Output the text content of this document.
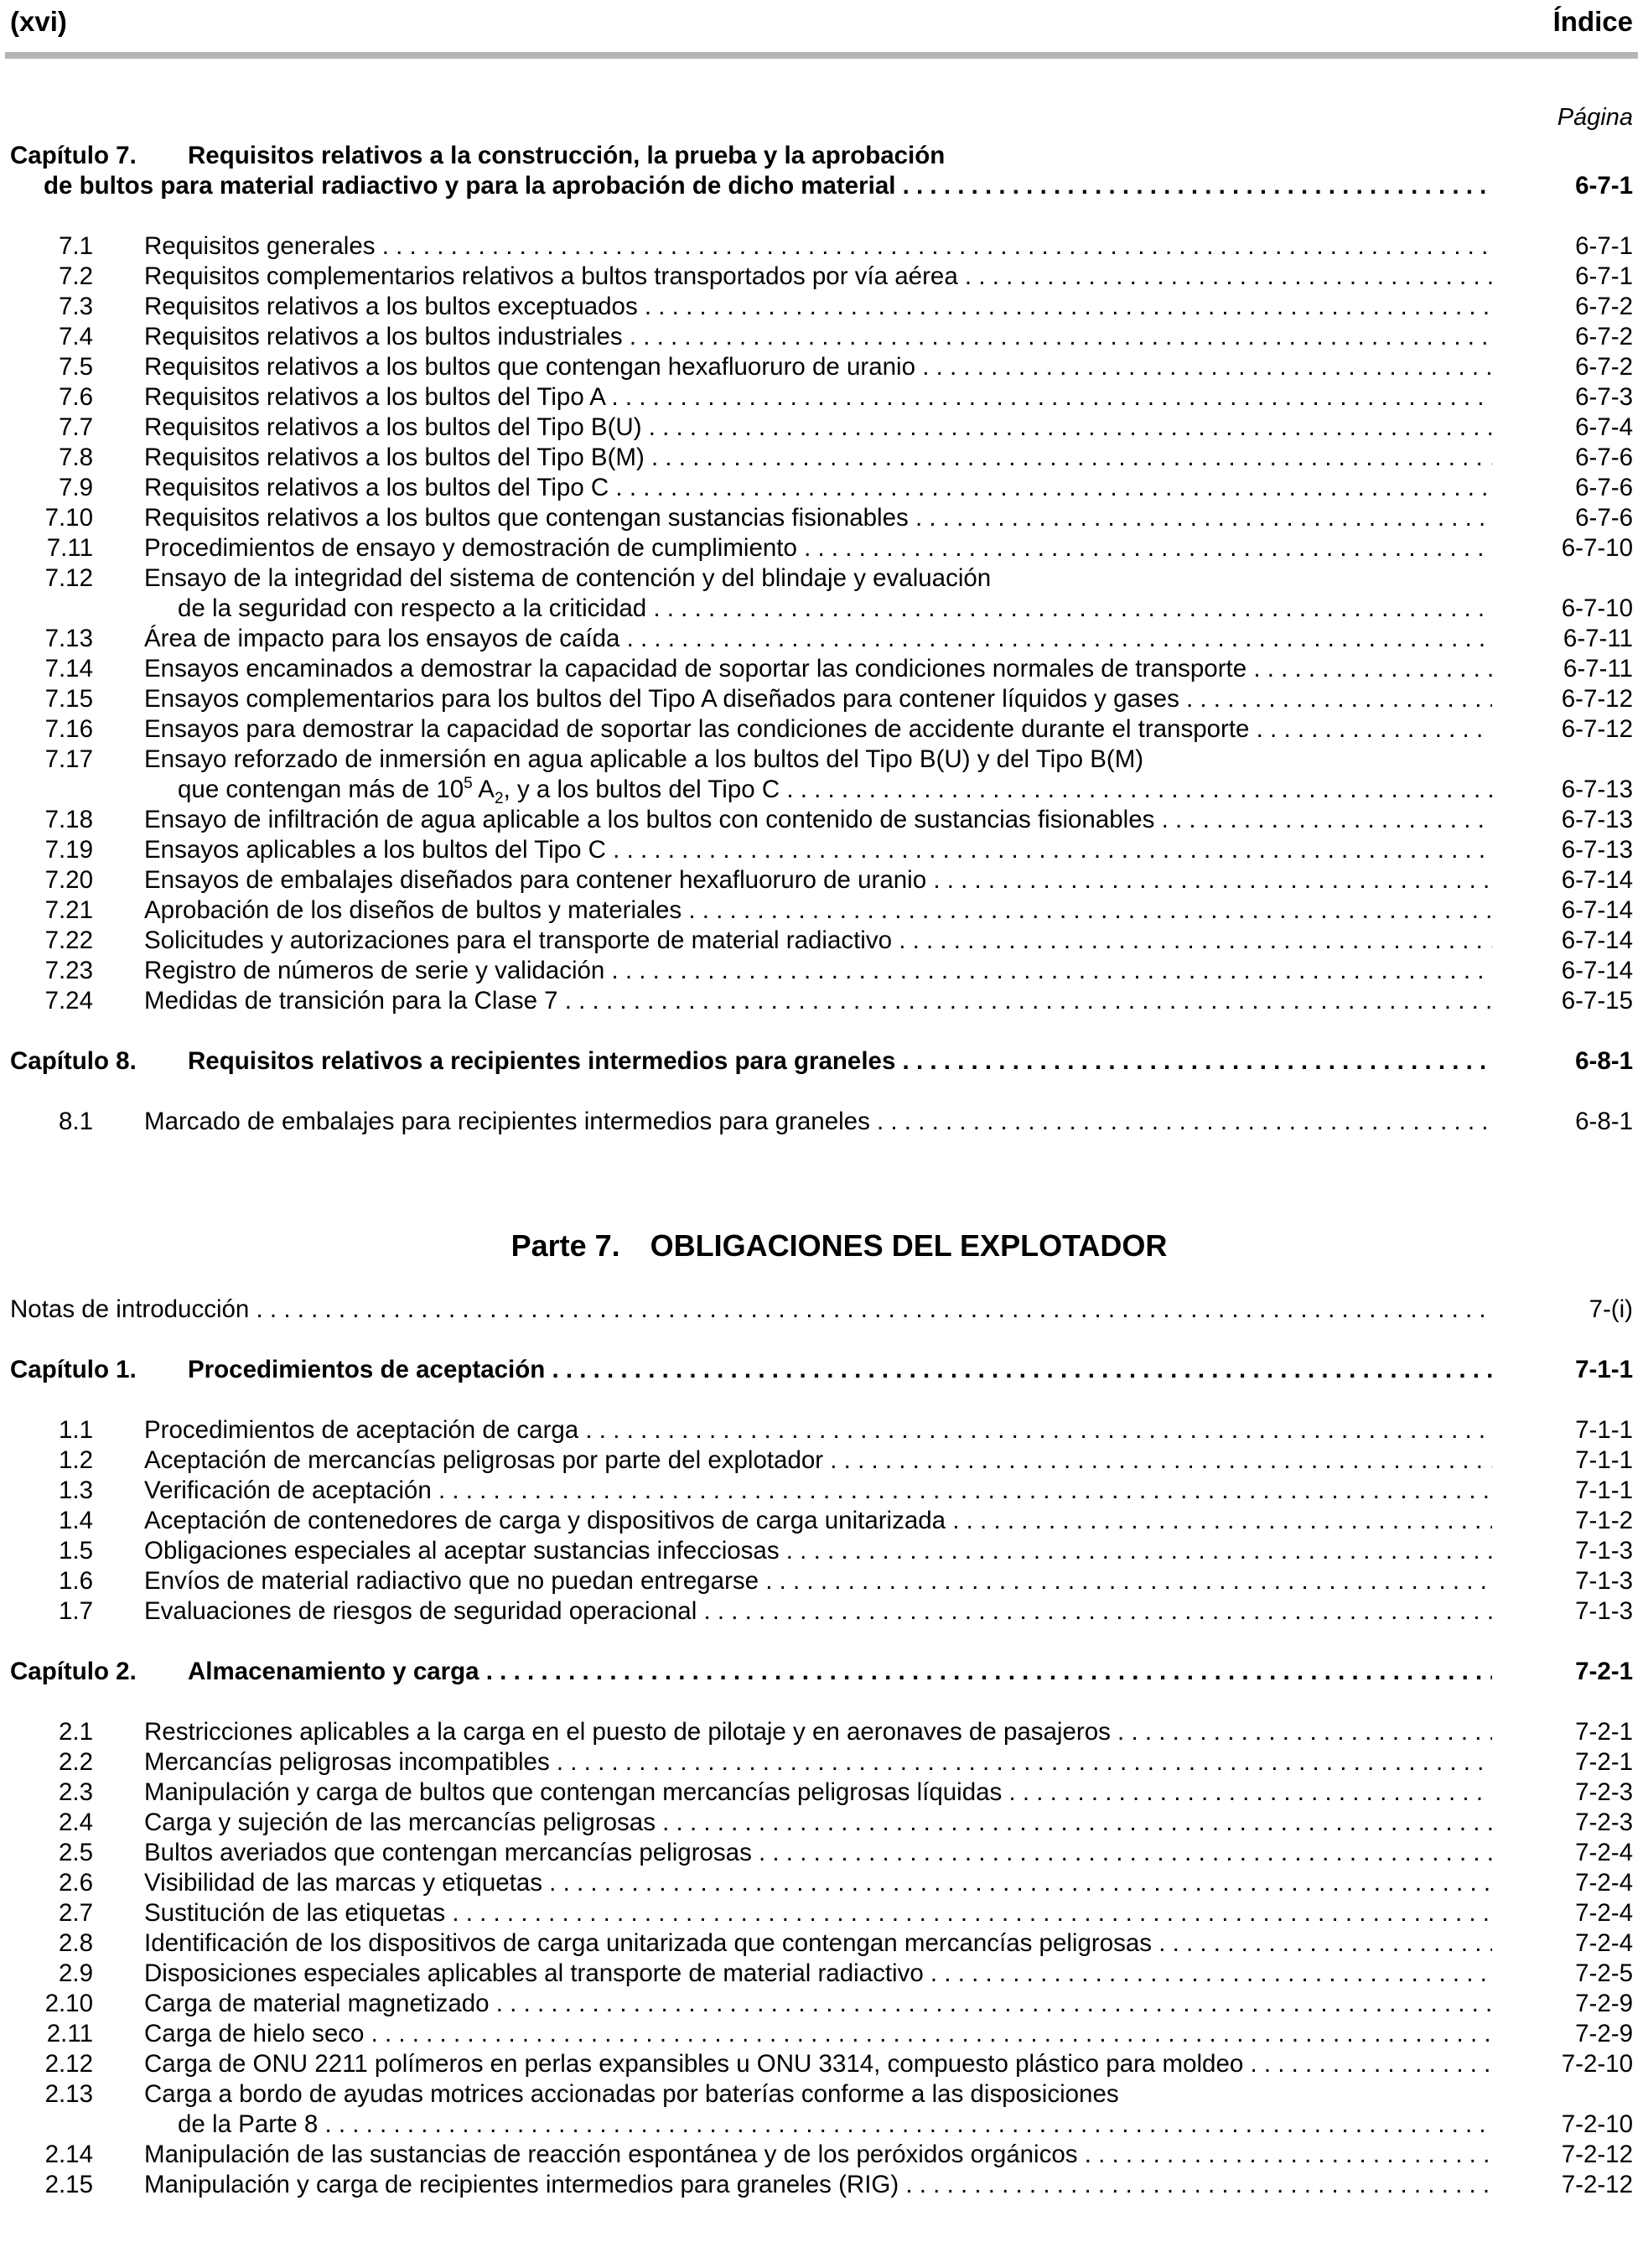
(xvi)	Índice
Página
Capítulo 7. Requisitos relativos a la construcción, la prueba y la aprobación
de bultos para material radiactivo y para la aprobación de dicho material . . .	6-7-1
7.1 Requisitos generales . . .	6-7-1
7.2 Requisitos complementarios relativos a bultos transportados por vía aérea . . .	6-7-1
7.3 Requisitos relativos a los bultos exceptuados . . .	6-7-2
7.4 Requisitos relativos a los bultos industriales . . .	6-7-2
7.5 Requisitos relativos a los bultos que contengan hexafluoruro de uranio . . .	6-7-2
7.6 Requisitos relativos a los bultos del Tipo A . . .	6-7-3
7.7 Requisitos relativos a los bultos del Tipo B(U) . . .	6-7-4
7.8 Requisitos relativos a los bultos del Tipo B(M) . . .	6-7-6
7.9 Requisitos relativos a los bultos del Tipo C . . .	6-7-6
7.10 Requisitos relativos a los bultos que contengan sustancias fisionables . . .	6-7-6
7.11 Procedimientos de ensayo y demostración de cumplimiento . . .	6-7-10
7.12 Ensayo de la integridad del sistema de contención y del blindaje y evaluación
de la seguridad con respecto a la criticidad . . .	6-7-10
7.13 Área de impacto para los ensayos de caída . . .	6-7-11
7.14 Ensayos encaminados a demostrar la capacidad de soportar las condiciones normales de transporte . . .	6-7-11
7.15 Ensayos complementarios para los bultos del Tipo A diseñados para contener líquidos y gases . . .	6-7-12
7.16 Ensayos para demostrar la capacidad de soportar las condiciones de accidente durante el transporte . . .	6-7-12
7.17 Ensayo reforzado de inmersión en agua aplicable a los bultos del Tipo B(U) y del Tipo B(M)
que contengan más de $10^5$ $A_2$, y a los bultos del Tipo C . . .	6-7-13
7.18 Ensayo de infiltración de agua aplicable a los bultos con contenido de sustancias fisionables . . .	6-7-13
7.19 Ensayos aplicables a los bultos del Tipo C . . .	6-7-13
7.20 Ensayos de embalajes diseñados para contener hexafluoruro de uranio . . .	6-7-14
7.21 Aprobación de los diseños de bultos y materiales . . .	6-7-14
7.22 Solicitudes y autorizaciones para el transporte de material radiactivo . . .	6-7-14
7.23 Registro de números de serie y validación . . .	6-7-14
7.24 Medidas de transición para la Clase 7 . . .	6-7-15
Capítulo 8. Requisitos relativos a recipientes intermedios para graneles . . .	6-8-1
8.1 Marcado de embalajes para recipientes intermedios para graneles . . .	6-8-1
Parte 7. OBLIGACIONES DEL EXPLOTADOR
Notas de introducción . . .	7-(i)
Capítulo 1. Procedimientos de aceptación . . .	7-1-1
1.1 Procedimientos de aceptación de carga . . .	7-1-1
1.2 Aceptación de mercancías peligrosas por parte del explotador . . .	7-1-1
1.3 Verificación de aceptación . . .	7-1-1
1.4 Aceptación de contenedores de carga y dispositivos de carga unitarizada . . .	7-1-2
1.5 Obligaciones especiales al aceptar sustancias infecciosas . . .	7-1-3
1.6 Envíos de material radiactivo que no puedan entregarse . . .	7-1-3
1.7 Evaluaciones de riesgos de seguridad operacional . . .	7-1-3
Capítulo 2. Almacenamiento y carga . . .	7-2-1
2.1 Restricciones aplicables a la carga en el puesto de pilotaje y en aeronaves de pasajeros . . .	7-2-1
2.2 Mercancías peligrosas incompatibles . . .	7-2-1
2.3 Manipulación y carga de bultos que contengan mercancías peligrosas líquidas . . .	7-2-3
2.4 Carga y sujeción de las mercancías peligrosas . . .	7-2-3
2.5 Bultos averiados que contengan mercancías peligrosas . . .	7-2-4
2.6 Visibilidad de las marcas y etiquetas . . .	7-2-4
2.7 Sustitución de las etiquetas . . .	7-2-4
2.8 Identificación de los dispositivos de carga unitarizada que contengan mercancías peligrosas . . .	7-2-4
2.9 Disposiciones especiales aplicables al transporte de material radiactivo . . .	7-2-5
2.10 Carga de material magnetizado . . .	7-2-9
2.11 Carga de hielo seco . . .	7-2-9
2.12 Carga de ONU 2211 polímeros en perlas expansibles u ONU 3314, compuesto plástico para moldeo . . .	7-2-10
2.13 Carga a bordo de ayudas motrices accionadas por baterías conforme a las disposiciones
de la Parte 8 . . .	7-2-10
2.14 Manipulación de las sustancias de reacción espontánea y de los peróxidos orgánicos . . .	7-2-12
2.15 Manipulación y carga de recipientes intermedios para graneles (RIG) . . .	7-2-12
